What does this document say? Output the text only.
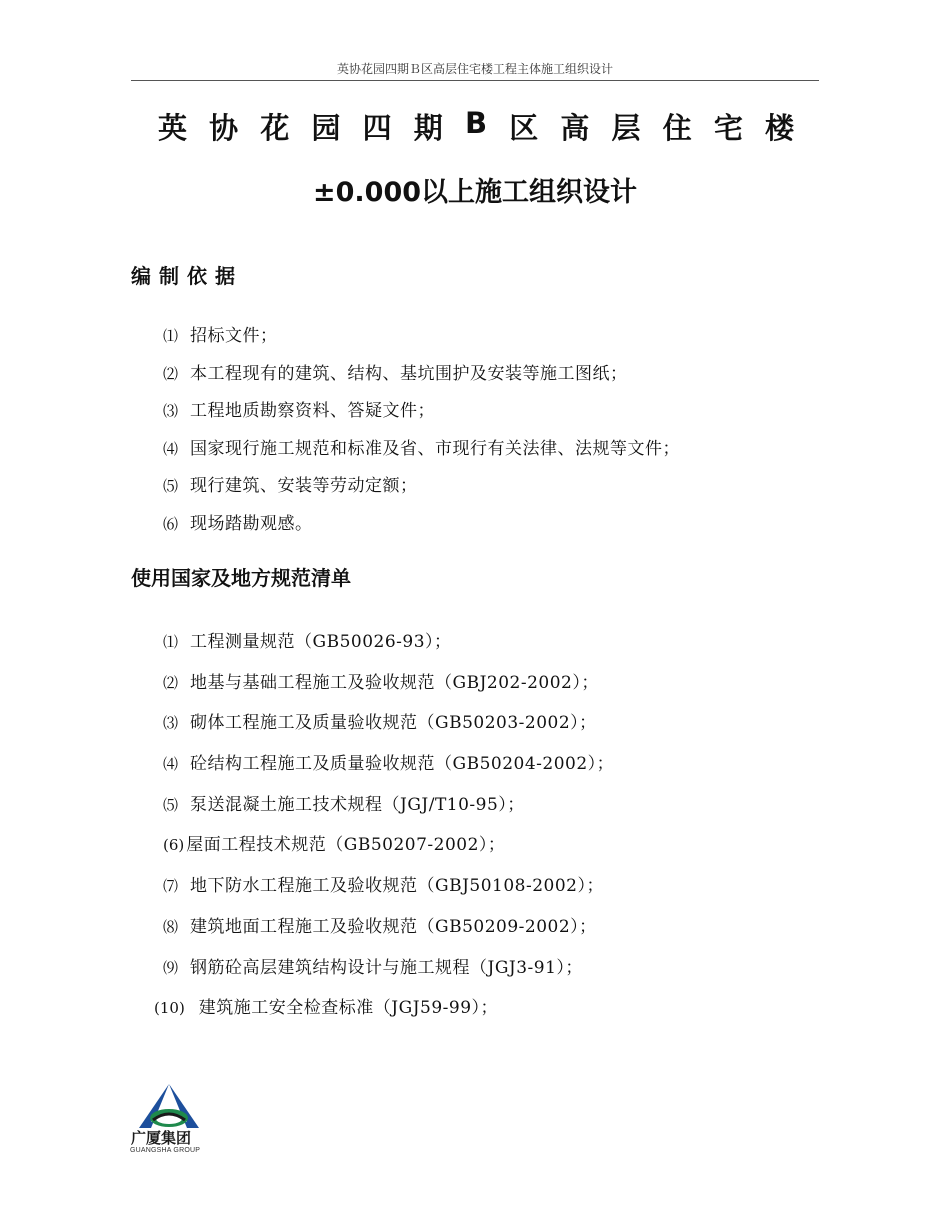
英协花园四期Ｂ区高层住宅楼工程主体施工组织设计
英 协 花 园 四 期 B 区 高 层 住 宅 楼
±0.000以上施工组织设计
编制依据
⑴ 招标文件；
⑵ 本工程现有的建筑、结构、基坑围护及安装等施工图纸；
⑶ 工程地质勘察资料、答疑文件；
⑷ 国家现行施工规范和标准及省、市现行有关法律、法规等文件；
⑸ 现行建筑、安装等劳动定额；
⑹ 现场踏勘观感。
使用国家及地方规范清单
⑴ 工程测量规范（GB50026-93）；
⑵ 地基与基础工程施工及验收规范（GBJ202-2002）；
⑶ 砌体工程施工及质量验收规范（GB50203-2002）；
⑷ 砼结构工程施工及质量验收规范（GB50204-2002）；
⑸ 泵送混凝土施工技术规程（JGJ/T10-95）；
(6) 屋面工程技术规范（GB50207-2002）；
⑺ 地下防水工程施工及验收规范（GBJ50108-2002）；
⑻ 建筑地面工程施工及验收规范（GB50209-2002）；
⑼ 钢筋砼高层建筑结构设计与施工规程（JGJ3-91）；
(10) 建筑施工安全检查标准（JGJ59-99）；
广厦集团
GUANGSHA GROUP
